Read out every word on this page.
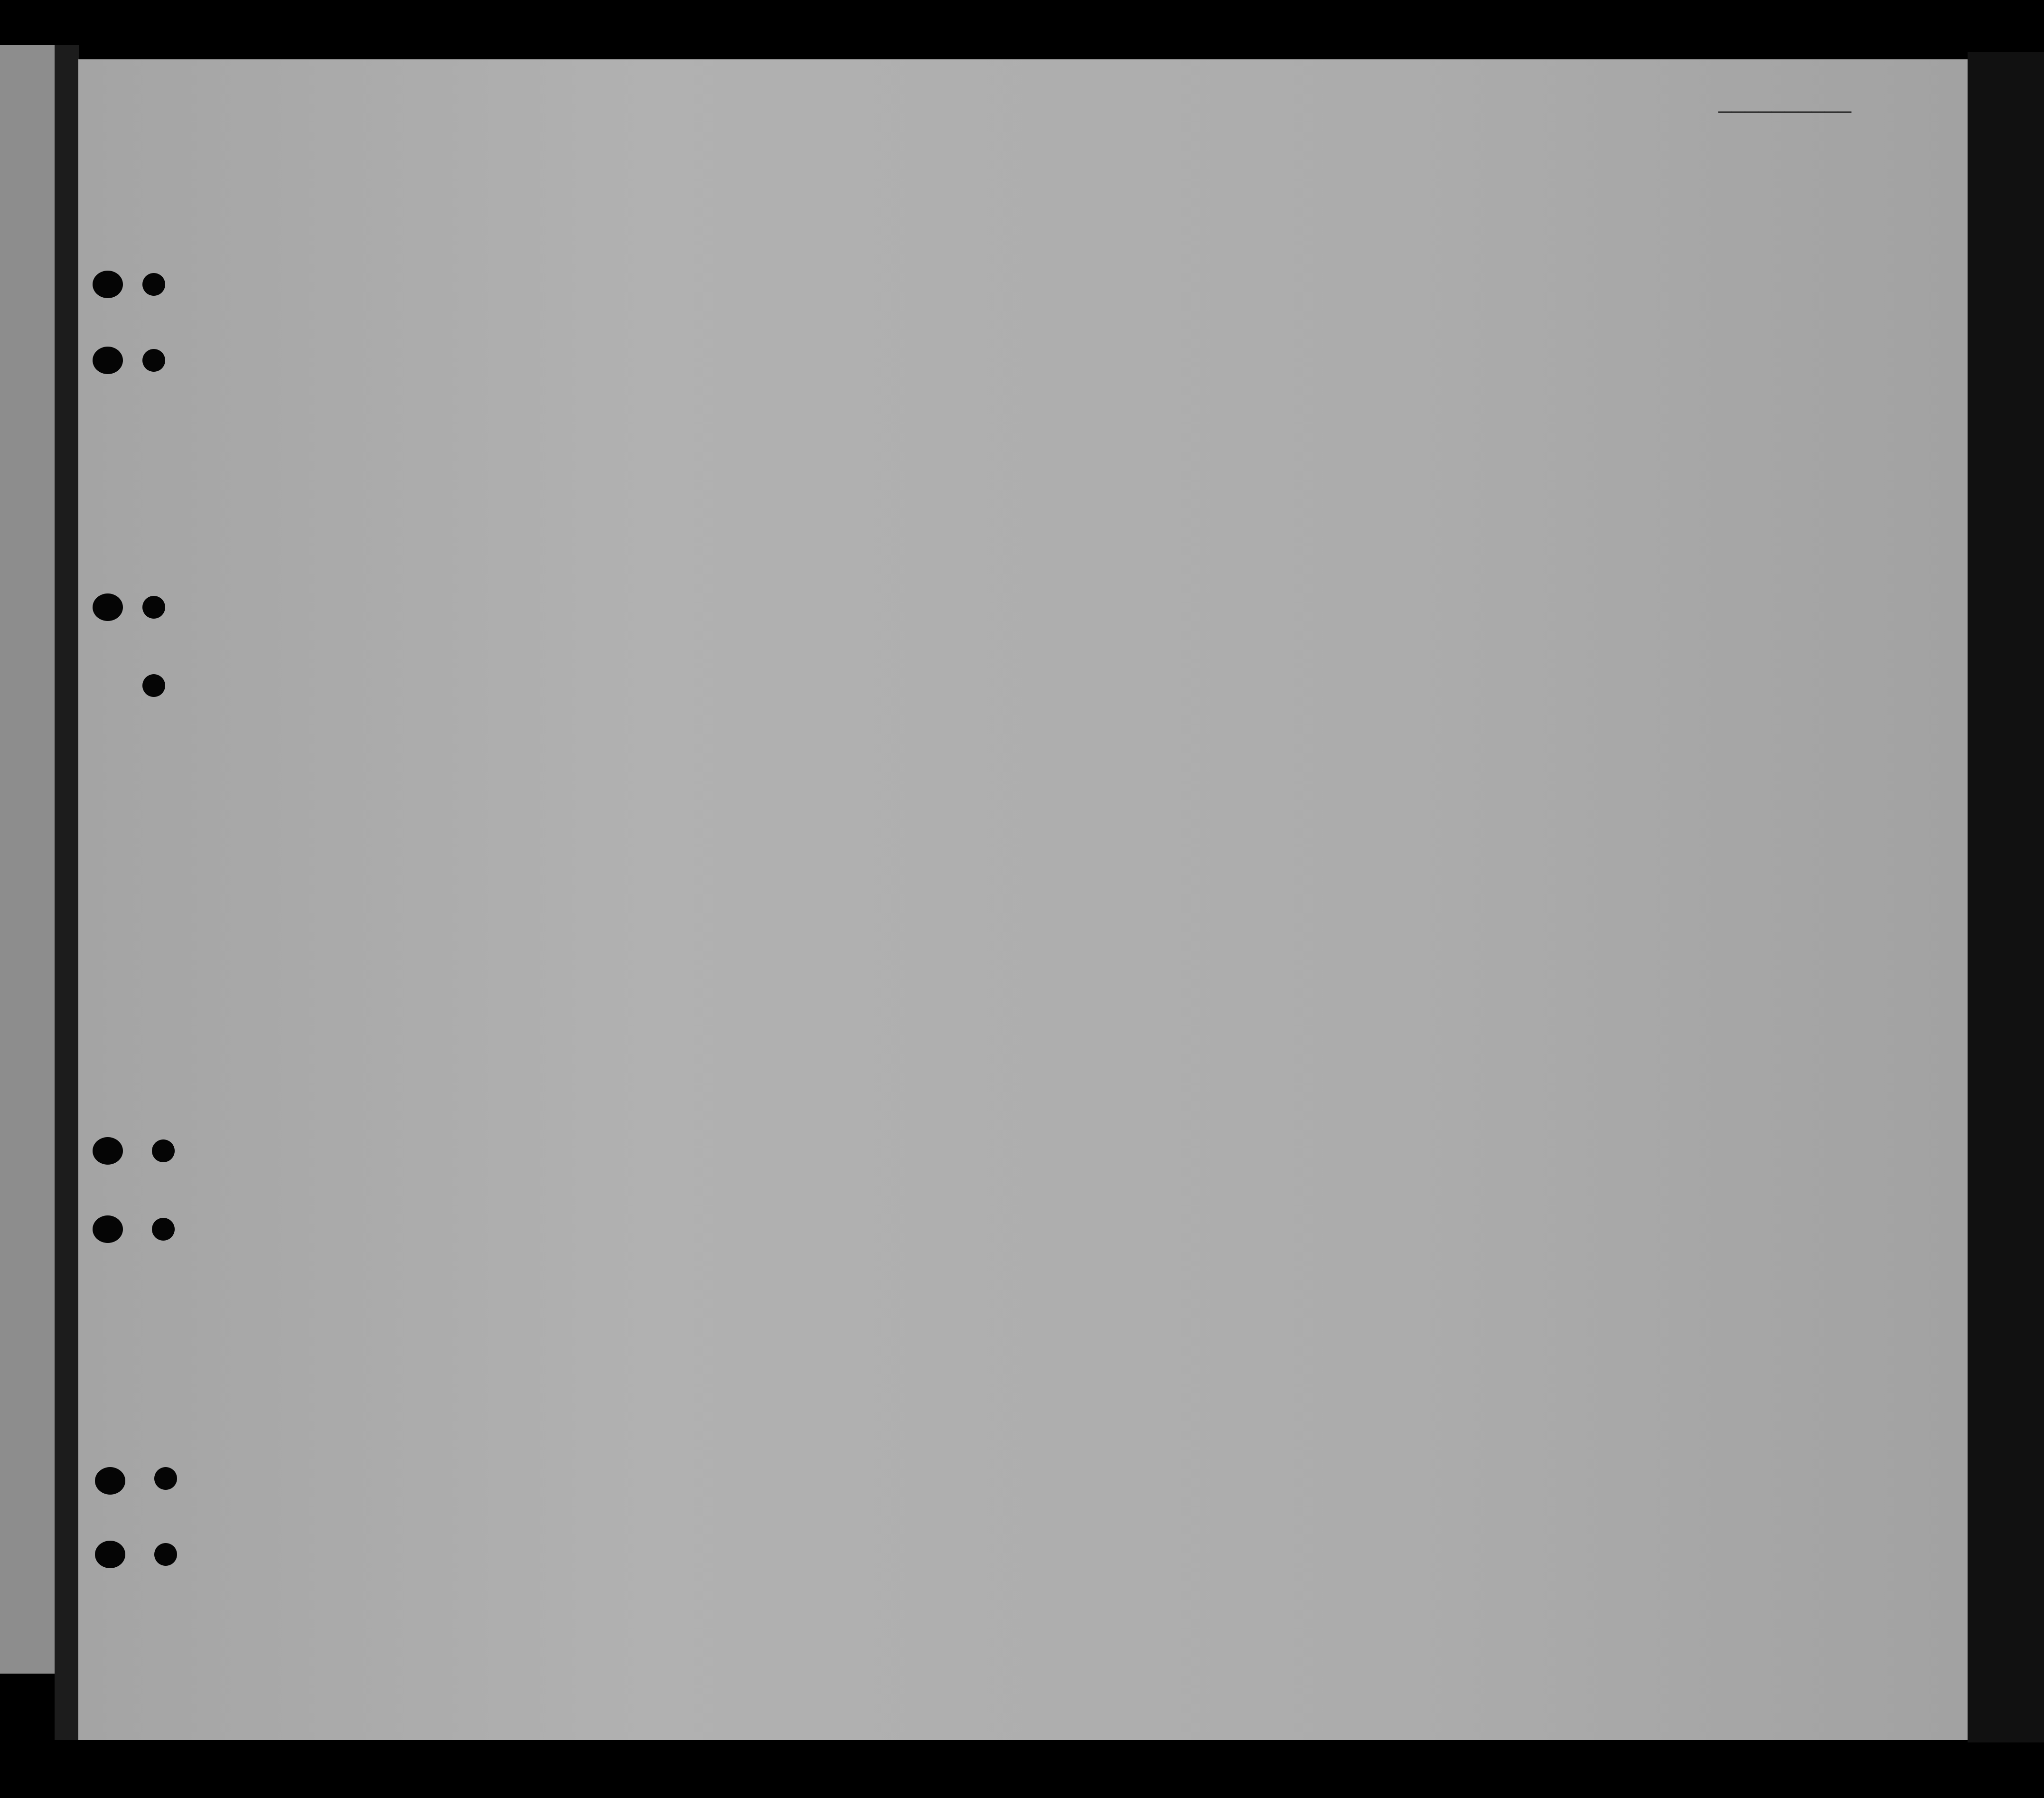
__________
